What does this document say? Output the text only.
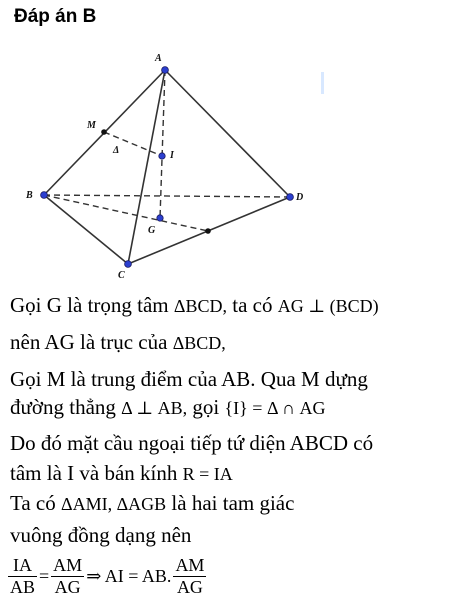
Đáp án B
A
B
C
D
M
I
G
Δ
Gọi G là trọng tâm ΔBCD, ta có AG ⊥ (BCD)
nên AG là trục của ΔBCD,
Gọi M là trung điểm của AB. Qua M dựng
đường thẳng Δ ⊥ AB, gọi {I} = Δ ∩ AG
Do đó mặt cầu ngoại tiếp tứ diện ABCD có
tâm là I và bán kính R = IA
Ta có ΔAMI, ΔAGB là hai tam giác
vuông đồng dạng nên
$\frac{IA}{AB} = \frac{AM}{AG}$ ⇒ AI = AB. $\frac{AM}{AG}$
